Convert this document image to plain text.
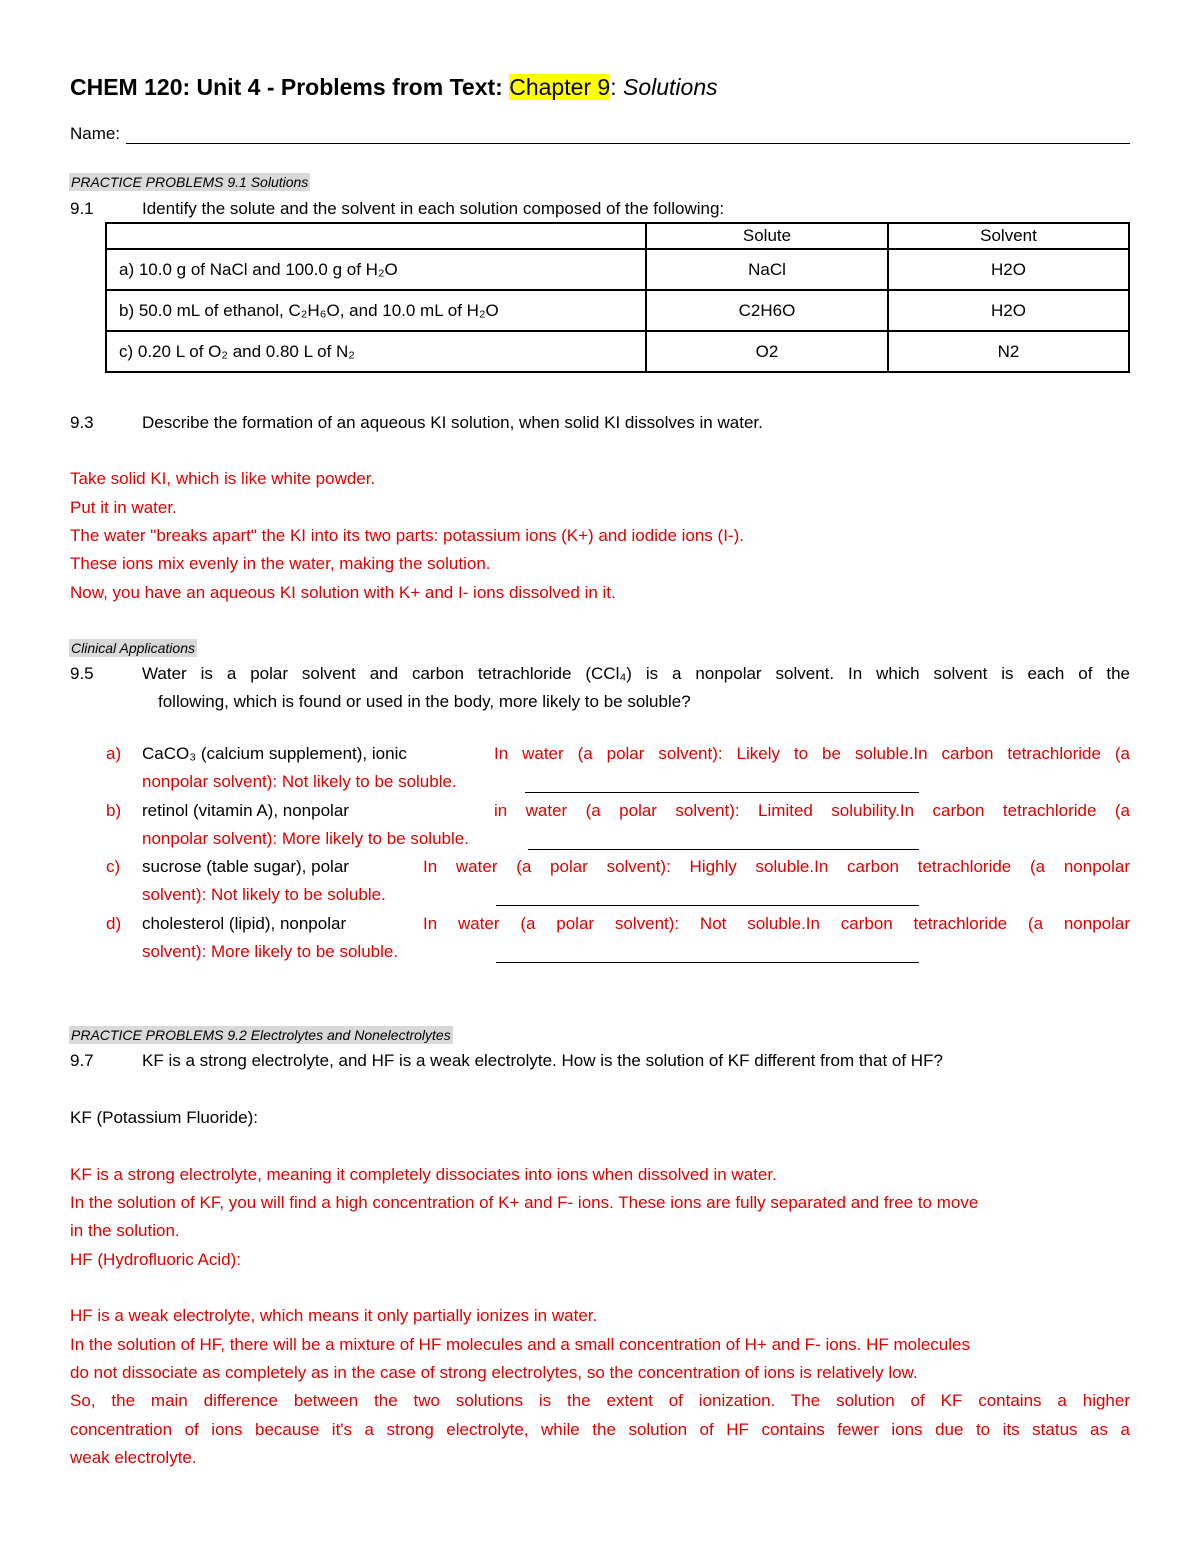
CHEM 120: Unit 4 - Problems from Text: Chapter 9: Solutions
Name:
PRACTICE PROBLEMS 9.1 Solutions
9.1	Identify the solute and the solvent in each solution composed of the following:
	Solute	Solvent
a) 10.0 g of NaCl and 100.0 g of H₂O	NaCl	H2O
b) 50.0 mL of ethanol, C₂H₆O, and 10.0 mL of H₂O	C2H6O	H2O
c) 0.20 L of O₂ and 0.80 L of N₂	O2	N2
9.3	Describe the formation of an aqueous KI solution, when solid KI dissolves in water.
Take solid KI, which is like white powder.
Put it in water.
The water "breaks apart" the KI into its two parts: potassium ions (K+) and iodide ions (I-).
These ions mix evenly in the water, making the solution.
Now, you have an aqueous KI solution with K+ and I- ions dissolved in it.
Clinical Applications
9.5	Water is a polar solvent and carbon tetrachloride (CCl₄) is a nonpolar solvent. In which solvent is each of the
following, which is found or used in the body, more likely to be soluble?
a) CaCO₃ (calcium supplement), ionic	In water (a polar solvent): Likely to be soluble.In carbon tetrachloride (a
nonpolar solvent): Not likely to be soluble.
b) retinol (vitamin A), nonpolar	in water (a polar solvent): Limited solubility.In carbon tetrachloride (a
nonpolar solvent): More likely to be soluble.
c) sucrose (table sugar), polar	In water (a polar solvent): Highly soluble.In carbon tetrachloride (a nonpolar
solvent): Not likely to be soluble.
d) cholesterol (lipid), nonpolar	In water (a polar solvent): Not soluble.In carbon tetrachloride (a nonpolar
solvent): More likely to be soluble.
PRACTICE PROBLEMS 9.2 Electrolytes and Nonelectrolytes
9.7	KF is a strong electrolyte, and HF is a weak electrolyte. How is the solution of KF different from that of HF?
KF (Potassium Fluoride):
KF is a strong electrolyte, meaning it completely dissociates into ions when dissolved in water.
In the solution of KF, you will find a high concentration of K+ and F- ions. These ions are fully separated and free to move
in the solution.
HF (Hydrofluoric Acid):
HF is a weak electrolyte, which means it only partially ionizes in water.
In the solution of HF, there will be a mixture of HF molecules and a small concentration of H+ and F- ions. HF molecules
do not dissociate as completely as in the case of strong electrolytes, so the concentration of ions is relatively low.
So, the main difference between the two solutions is the extent of ionization. The solution of KF contains a higher
concentration of ions because it's a strong electrolyte, while the solution of HF contains fewer ions due to its status as a
weak electrolyte.
